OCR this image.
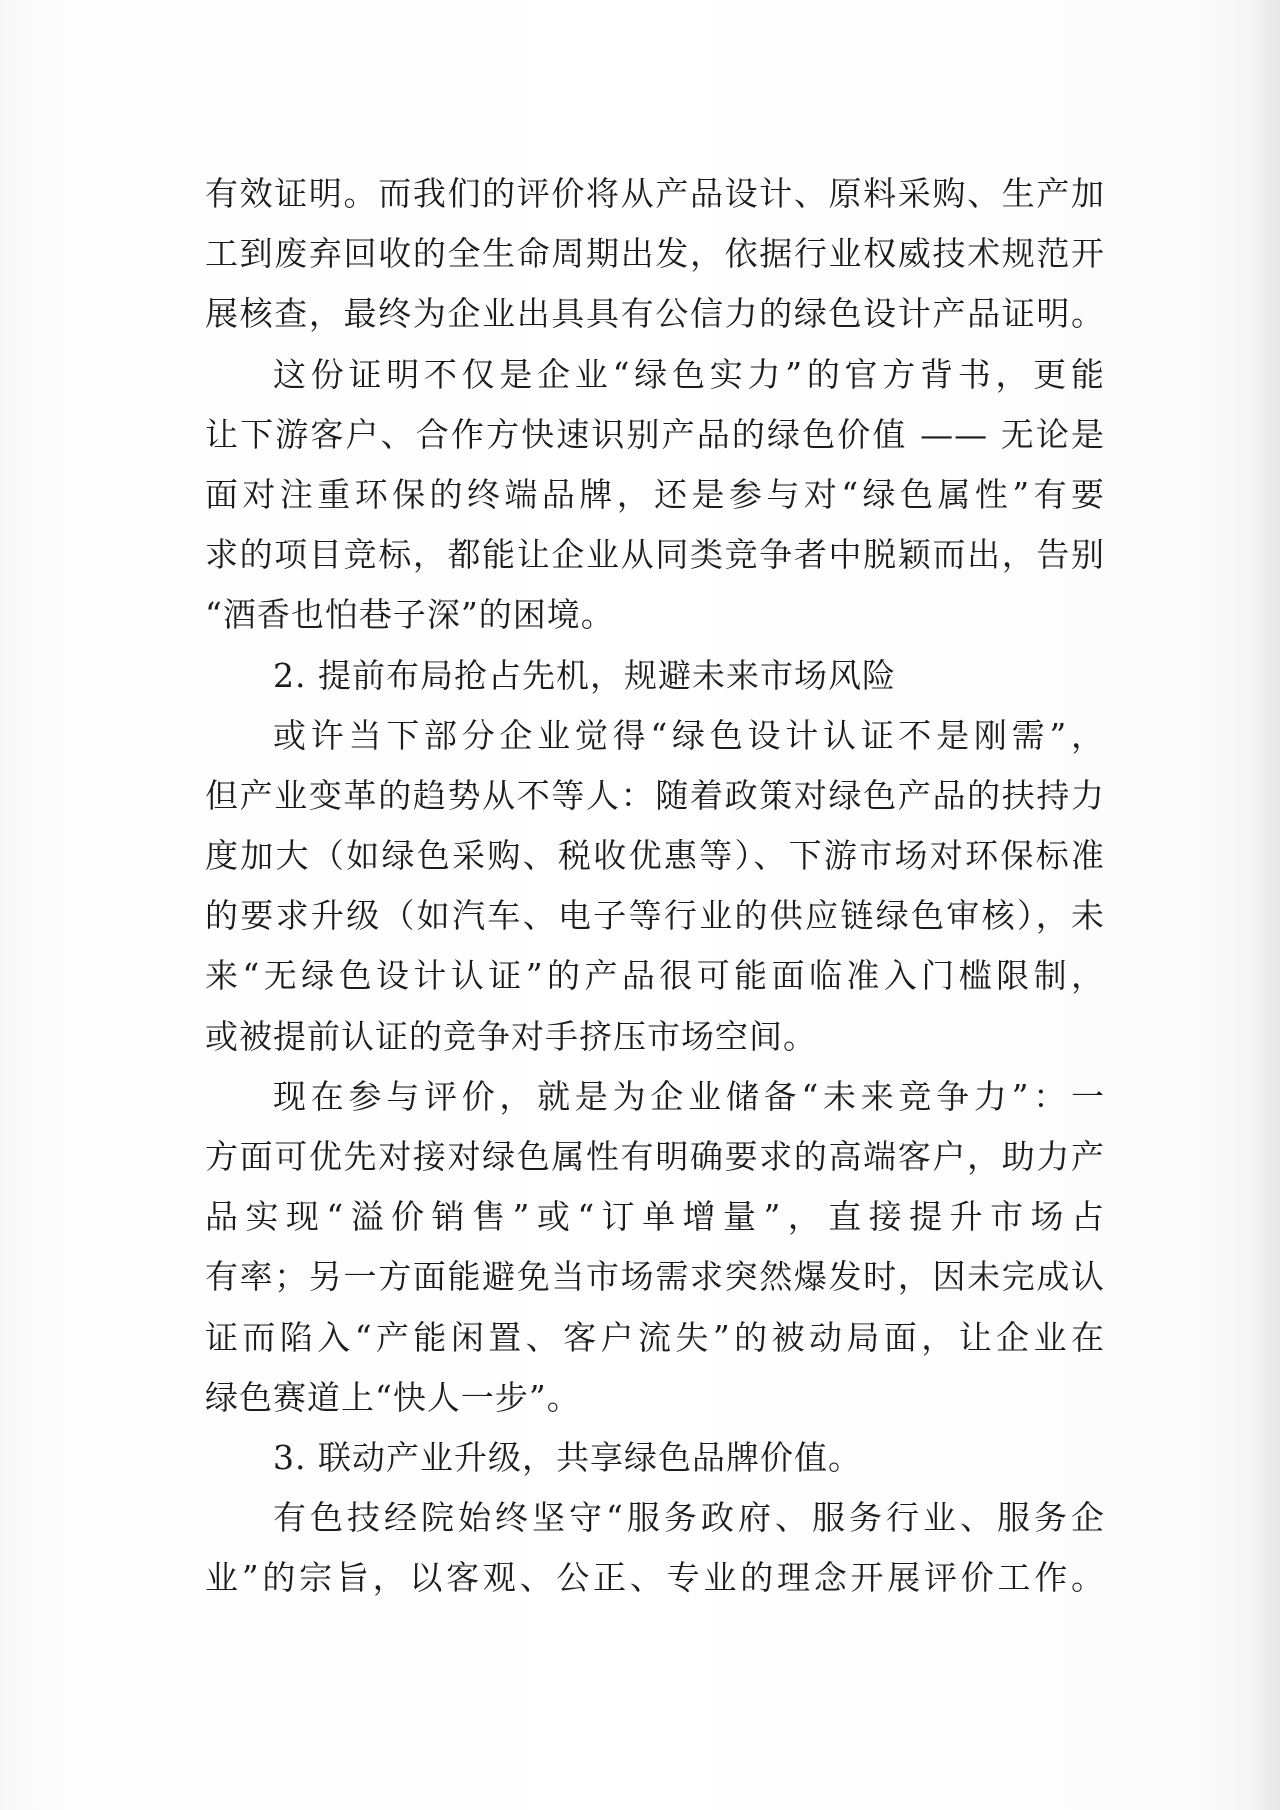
有效证明。而我们的评价将从产品设计、原料采购、生产加
工到废弃回收的全生命周期出发，依据行业权威技术规范开
展核查，最终为企业出具具有公信力的绿色设计产品证明。
这份证明不仅是企业“绿色实力”的官方背书，更能
让下游客户、合作方快速识别产品的绿色价值 —— 无论是
面对注重环保的终端品牌，还是参与对“绿色属性”有要
求的项目竞标，都能让企业从同类竞争者中脱颖而出，告别
“酒香也怕巷子深”的困境。
2. 提前布局抢占先机，规避未来市场风险
或许当下部分企业觉得“绿色设计认证不是刚需”，
但产业变革的趋势从不等人：随着政策对绿色产品的扶持力
度加大（如绿色采购、税收优惠等）、下游市场对环保标准
的要求升级（如汽车、电子等行业的供应链绿色审核），未
来“无绿色设计认证”的产品很可能面临准入门槛限制，
或被提前认证的竞争对手挤压市场空间。
现在参与评价，就是为企业储备“未来竞争力”：一
方面可优先对接对绿色属性有明确要求的高端客户，助力产
品实现“溢价销售”或“订单增量”，直接提升市场占
有率；另一方面能避免当市场需求突然爆发时，因未完成认
证而陷入“产能闲置、客户流失”的被动局面，让企业在
绿色赛道上“快人一步”。
3. 联动产业升级，共享绿色品牌价值。
有色技经院始终坚守“服务政府、服务行业、服务企
业”的宗旨，以客观、公正、专业的理念开展评价工作。
